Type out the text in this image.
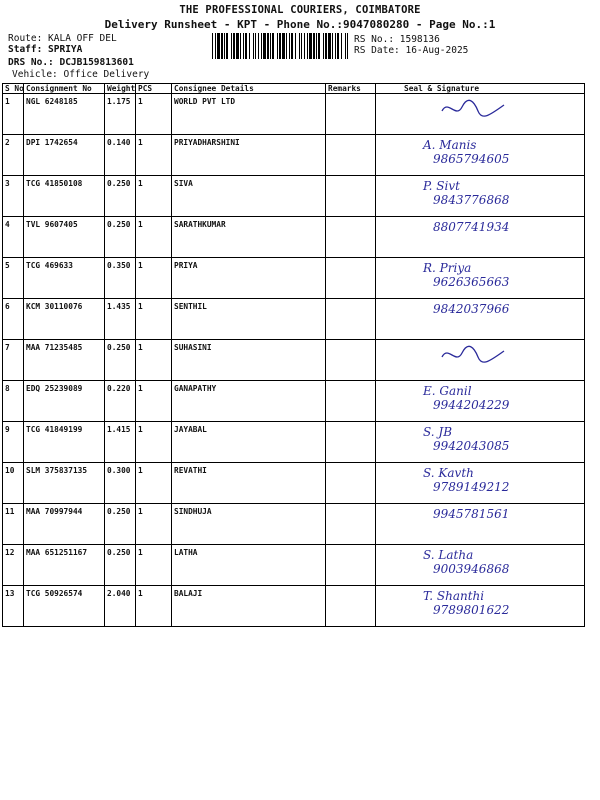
THE PROFESSIONAL COURIERS, COIMBATORE
Delivery Runsheet - KPT - Phone No.:9047080280 - Page No.:1
Route: KALA OFF DEL
Staff: SPRIYA
DRS No.: DCJB159813601
Vehicle: Office Delivery
RS No.: 1598136
RS Date: 16-Aug-2025
S No	Consignment No	Weight	PCS	Consignee Details	Remarks	Seal & Signature
1	NGL 6248185	1.175	1	WORLD PVT LTD		

2	DPI 1742654	0.140	1	PRIYADHARSHINI		A. Manis
9865794605

3	TCG 41850108	0.250	1	SIVA		P. Sivt
9843776868

4	TVL 9607405	0.250	1	SARATHKUMAR		8807741934

5	TCG 469633	0.350	1	PRIYA		R. Priya
9626365663

6	KCM 30110076	1.435	1	SENTHIL		9842037966

7	MAA 71235485	0.250	1	SUHASINI		

8	EDQ 25239089	0.220	1	GANAPATHY		E. Ganil
9944204229

9	TCG 41849199	1.415	1	JAYABAL		S. JB
9942043085

10	SLM 375837135	0.300	1	REVATHI		S. Kavth
9789149212

11	MAA 70997944	0.250	1	SINDHUJA		9945781561

12	MAA 651251167	0.250	1	LATHA		S. Latha
9003946868

13	TCG 50926574	2.040	1	BALAJI		T. Shanthi
9789801622
